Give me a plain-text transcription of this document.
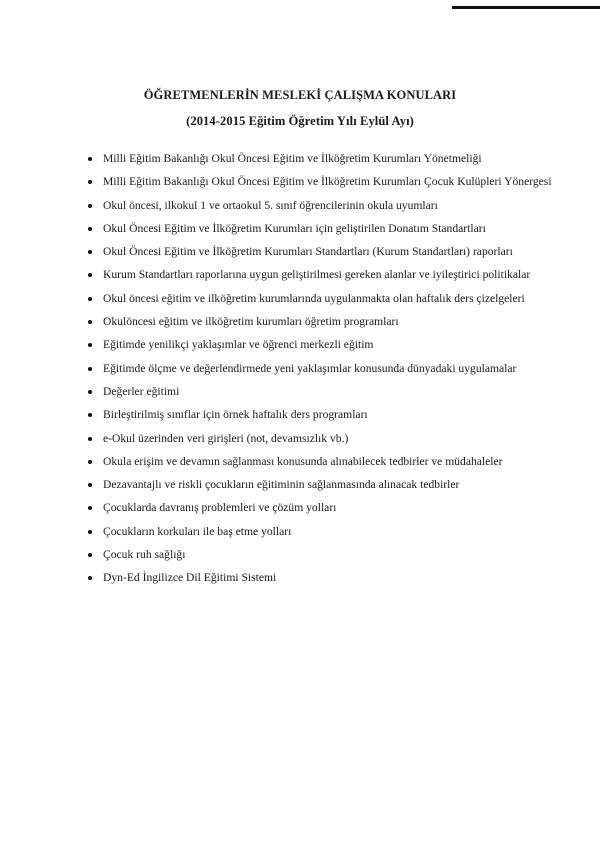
ÖĞRETMENLERİN MESLEKİ ÇALIŞMA KONULARI
(2014-2015 Eğitim Öğretim Yılı Eylül Ayı)
Milli Eğitim Bakanlığı Okul Öncesi Eğitim ve İlköğretim Kurumları Yönetmeliği
Milli Eğitim Bakanlığı Okul Öncesi Eğitim ve İlköğretim Kurumları Çocuk Kulüpleri Yönergesi
Okul öncesi, ilkokul 1 ve ortaokul 5. sınıf öğrencilerinin okula uyumları
Okul Öncesi Eğitim ve İlköğretim Kurumları için geliştirilen Donatım Standartları
Okul Öncesi Eğitim ve İlköğretim Kurumları Standartları (Kurum Standartları) raporları
Kurum Standartları raporlarına uygun geliştirilmesi gereken alanlar ve iyileştirici politikalar
Okul öncesi eğitim ve ilköğretim kurumlarında uygulanmakta olan haftalık ders çizelgeleri
Okulöncesi eğitim ve ilköğretim kurumları öğretim programları
Eğitimde yenilikçi yaklaşımlar ve öğrenci merkezli eğitim
Eğitimde ölçme ve değerlendirmede yeni yaklaşımlar konusunda dünyadaki uygulamalar
Değerler eğitimi
Birleştirilmiş sınıflar için örnek haftalık ders programları
e-Okul üzerinden veri girişleri (not, devamsızlık vb.)
Okula erişim ve devamın sağlanması konusunda alınabilecek tedbirler ve müdahaleler
Dezavantajlı ve riskli çocukların eğitiminin sağlanmasında alınacak tedbirler
Çocuklarda davranış problemleri ve çözüm yolları
Çocukların korkuları ile baş etme yolları
Çocuk ruh sağlığı
Dyn-Ed İngilizce Dil Eğitimi Sistemi
